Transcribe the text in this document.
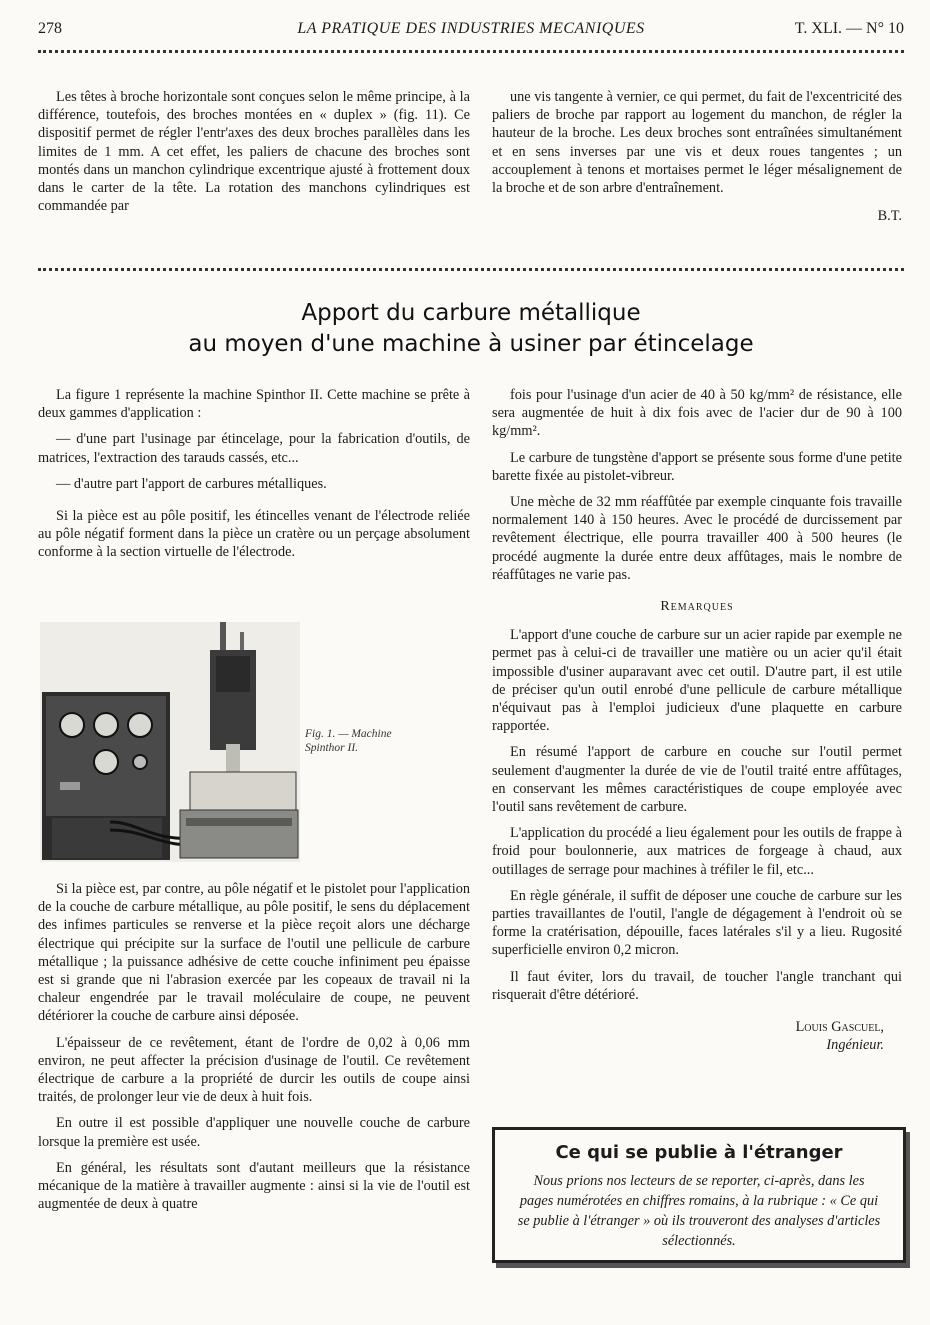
278	LA PRATIQUE DES INDUSTRIES MECANIQUES	T. XLI. — N° 10

Les têtes à broche horizontale sont conçues selon le même principe, à la différence, toutefois, des broches montées en « duplex » (fig. 11). Ce dispositif permet de régler l'entr'axes des deux broches parallèles dans les limites de 1 mm. A cet effet, les paliers de chacune des broches sont montés dans un manchon cylindrique excentrique ajusté à frottement doux dans le carter de la tête. La rotation des manchons cylindriques est commandée par

une vis tangente à vernier, ce qui permet, du fait de l'excentricité des paliers de broche par rapport au logement du manchon, de régler la hauteur de la broche. Les deux broches sont entraînées simultanément et en sens inverses par une vis et deux roues tangentes ; un accouplement à tenons et mortaises permet le léger mésalignement de la broche et de son arbre d'entraînement.

B.T.

Apport du carbure métallique
au moyen d'une machine à usiner par étincelage

La figure 1 représente la machine Spinthor II. Cette machine se prête à deux gammes d'application :

— d'une part l'usinage par étincelage, pour la fabrication d'outils, de matrices, l'extraction des tarauds cassés, etc...

— d'autre part l'apport de carbures métalliques.

Si la pièce est au pôle positif, les étincelles venant de l'électrode reliée au pôle négatif forment dans la pièce un cratère ou un perçage absolument conforme à la section virtuelle de l'électrode.

Fig. 1. — Machine Spinthor II.

Si la pièce est, par contre, au pôle négatif et le pistolet pour l'application de la couche de carbure métallique, au pôle positif, le sens du déplacement des infimes particules se renverse et la pièce reçoit alors une décharge électrique qui précipite sur la surface de l'outil une pellicule de carbure métallique ; la puissance adhésive de cette couche infiniment peu épaisse est si grande que ni l'abrasion exercée par les copeaux de travail ni la chaleur engendrée par le travail moléculaire de coupe, ne peuvent détériorer la couche de carbure ainsi déposée.

L'épaisseur de ce revêtement, étant de l'ordre de 0,02 à 0,06 mm environ, ne peut affecter la précision d'usinage de l'outil. Ce revêtement électrique de carbure a la propriété de durcir les outils de coupe ainsi traités, de prolonger leur vie de deux à huit fois.

En outre il est possible d'appliquer une nouvelle couche de carbure lorsque la première est usée.

En général, les résultats sont d'autant meilleurs que la résistance mécanique de la matière à travailler augmente : ainsi si la vie de l'outil est augmentée de deux à quatre

fois pour l'usinage d'un acier de 40 à 50 kg/mm² de résistance, elle sera augmentée de huit à dix fois avec de l'acier dur de 90 à 100 kg/mm².

Le carbure de tungstène d'apport se présente sous forme d'une petite barette fixée au pistolet-vibreur.

Une mèche de 32 mm réaffûtée par exemple cinquante fois travaille normalement 140 à 150 heures. Avec le procédé de durcissement par revêtement électrique, elle pourra travailler 400 à 500 heures (le procédé augmente la durée entre deux affûtages, mais le nombre de réaffûtages ne varie pas.

Remarques

L'apport d'une couche de carbure sur un acier rapide par exemple ne permet pas à celui-ci de travailler une matière ou un acier qu'il était impossible d'usiner auparavant avec cet outil. D'autre part, il est utile de préciser qu'un outil enrobé d'une pellicule de carbure métallique n'équivaut pas à l'emploi judicieux d'une plaquette en carbure rapportée.

En résumé l'apport de carbure en couche sur l'outil permet seulement d'augmenter la durée de vie de l'outil traité entre affûtages, en conservant les mêmes caractéristiques de coupe employée avec l'outil sans revêtement de carbure.

L'application du procédé a lieu également pour les outils de frappe à froid pour boulonnerie, aux matrices de forgeage à chaud, aux outillages de serrage pour machines à tréfiler le fil, etc...

En règle générale, il suffit de déposer une couche de carbure sur les parties travaillantes de l'outil, l'angle de dégagement à l'endroit où se forme la cratérisation, dépouille, faces latérales s'il y a lieu. Rugosité superficielle environ 0,2 micron.

Il faut éviter, lors du travail, de toucher l'angle tranchant qui risquerait d'être détérioré.

Louis Gascuel,

Ingénieur.

Ce qui se publie à l'étranger
Nous prions nos lecteurs de se reporter, ci-après, dans les pages numérotées en chiffres romains, à la rubrique : « Ce qui se publie à l'étranger » où ils trouveront des analyses d'articles sélectionnés.
